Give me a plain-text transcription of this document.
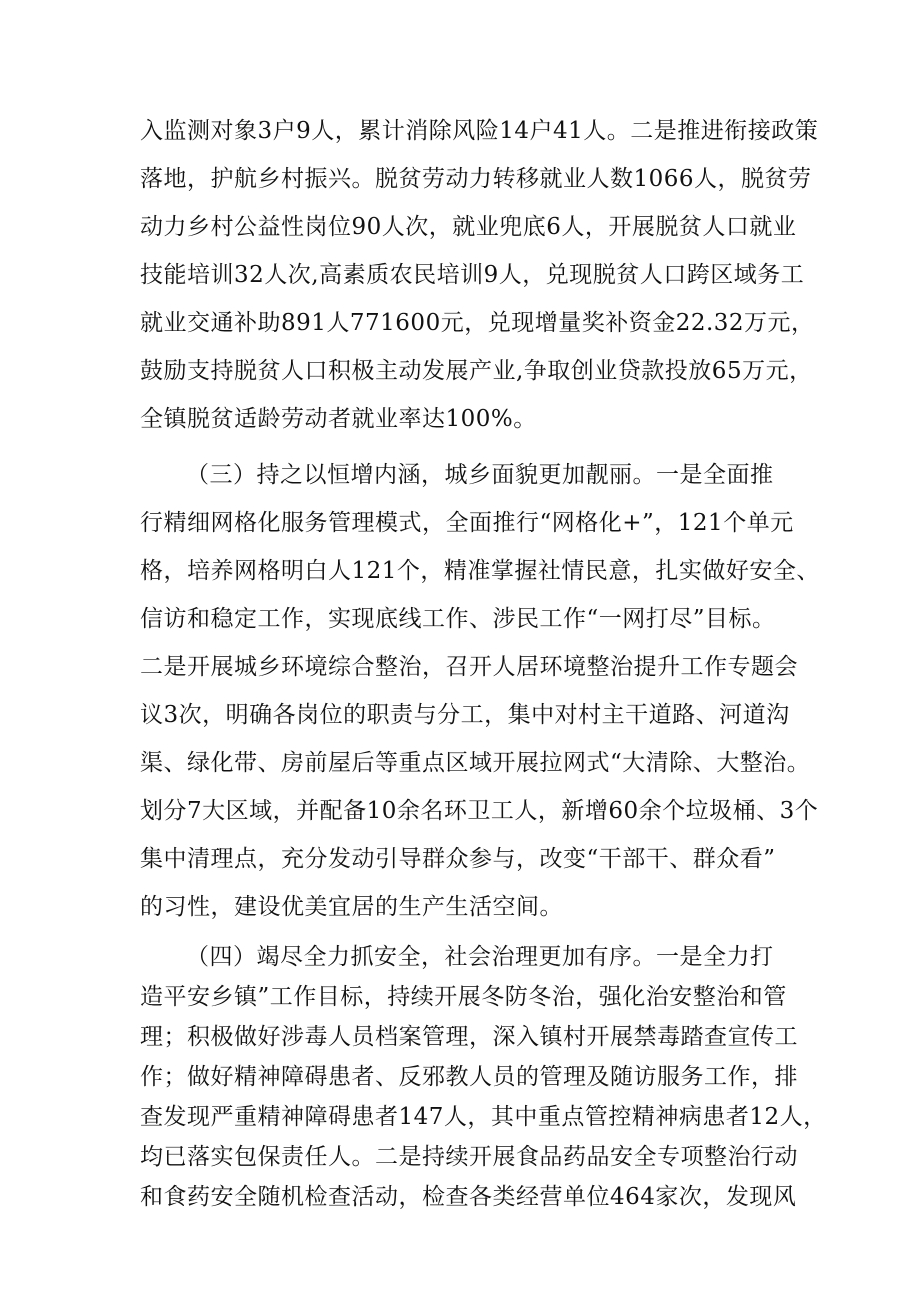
入监测对象3户9人，累计消除风险14户41人。二是推进衔接政策
落地，护航乡村振兴。脱贫劳动力转移就业人数1066人，脱贫劳
动力乡村公益性岗位90人次，就业兜底6人，开展脱贫人口就业
技能培训32人次,高素质农民培训9人，兑现脱贫人口跨区域务工
就业交通补助891人771600元，兑现增量奖补资金22.32万元，
鼓励支持脱贫人口积极主动发展产业,争取创业贷款投放65万元，
全镇脱贫适龄劳动者就业率达100%。
（三）持之以恒增内涵，城乡面貌更加靓丽。一是全面推
行精细网格化服务管理模式，全面推行“网格化+”，121个单元
格，培养网格明白人121个，精准掌握社情民意，扎实做好安全、
信访和稳定工作，实现底线工作、涉民工作“一网打尽”目标。
二是开展城乡环境综合整治，召开人居环境整治提升工作专题会
议3次，明确各岗位的职责与分工，集中对村主干道路、河道沟
渠、绿化带、房前屋后等重点区域开展拉网式“大清除、大整治。
划分7大区域，并配备10余名环卫工人，新增60余个垃圾桶、3个
集中清理点，充分发动引导群众参与，改变“干部干、群众看”
的习性，建设优美宜居的生产生活空间。
（四）竭尽全力抓安全，社会治理更加有序。一是全力打
造平安乡镇”工作目标，持续开展冬防冬治，强化治安整治和管
理；积极做好涉毒人员档案管理，深入镇村开展禁毒踏查宣传工
作；做好精神障碍患者、反邪教人员的管理及随访服务工作，排
查发现严重精神障碍患者147人，其中重点管控精神病患者12人，
均已落实包保责任人。二是持续开展食品药品安全专项整治行动
和食药安全随机检查活动，检查各类经营单位464家次，发现风
